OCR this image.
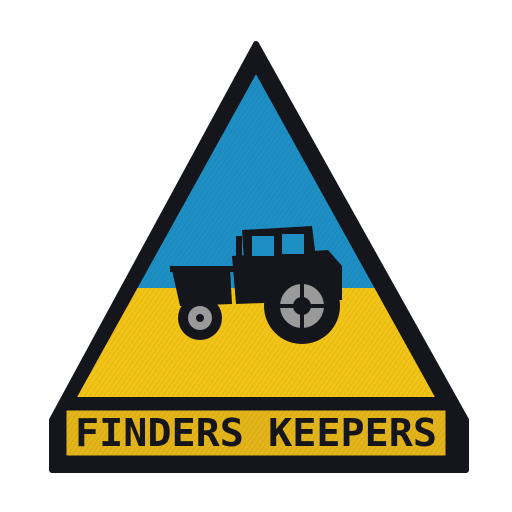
FINDERS KEEPERS
